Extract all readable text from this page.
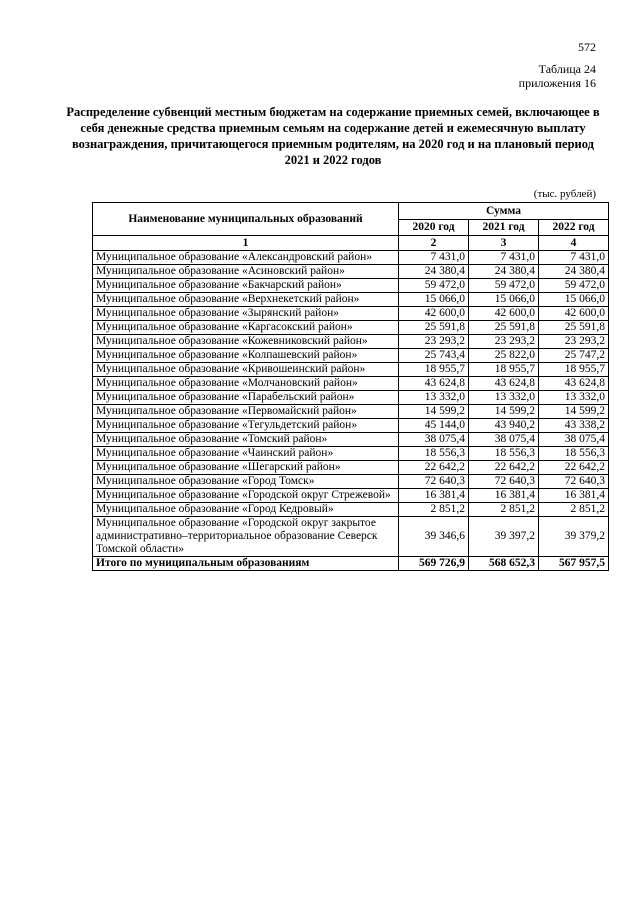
572
Таблица 24
приложения 16
Распределение субвенций местным бюджетам на содержание приемных семей, включающее в себя денежные средства приемным семьям на содержание детей и ежемесячную выплату вознаграждения, причитающегося приемным родителям, на 2020 год и на плановый период 2021 и 2022 годов
(тыс. рублей)
Наименование муниципальных образований	Сумма		
	2020 год	2021 год	2022 год
1	2	3	4
Муниципальное образование «Александровский район»	7 431,0	7 431,0	7 431,0
Муниципальное образование «Асиновский район»	24 380,4	24 380,4	24 380,4
Муниципальное образование «Бакчарский район»	59 472,0	59 472,0	59 472,0
Муниципальное образование «Верхнекетский район»	15 066,0	15 066,0	15 066,0
Муниципальное образование «Зырянский район»	42 600,0	42 600,0	42 600,0
Муниципальное образование «Каргасокский район»	25 591,8	25 591,8	25 591,8
Муниципальное образование «Кожевниковский район»	23 293,2	23 293,2	23 293,2
Муниципальное образование «Колпашевский район»	25 743,4	25 822,0	25 747,2
Муниципальное образование «Кривошеинский район»	18 955,7	18 955,7	18 955,7
Муниципальное образование «Молчановский район»	43 624,8	43 624,8	43 624,8
Муниципальное образование «Парабельский район»	13 332,0	13 332,0	13 332,0
Муниципальное образование «Первомайский район»	14 599,2	14 599,2	14 599,2
Муниципальное образование «Тегульдетский район»	45 144,0	43 940,2	43 338,2
Муниципальное образование «Томский район»	38 075,4	38 075,4	38 075,4
Муниципальное образование «Чаинский район»	18 556,3	18 556,3	18 556,3
Муниципальное образование «Шегарский район»	22 642,2	22 642,2	22 642,2
Муниципальное образование «Город Томск»	72 640,3	72 640,3	72 640,3
Муниципальное образование «Городской округ Стрежевой»	16 381,4	16 381,4	16 381,4
Муниципальное образование «Город Кедровый»	2 851,2	2 851,2	2 851,2
Муниципальное образование «Городской округ закрытое административно–территориальное образование Северск Томской области»	39 346,6	39 397,2	39 379,2
Итого по муниципальным образованиям	569 726,9	568 652,3	567 957,5
